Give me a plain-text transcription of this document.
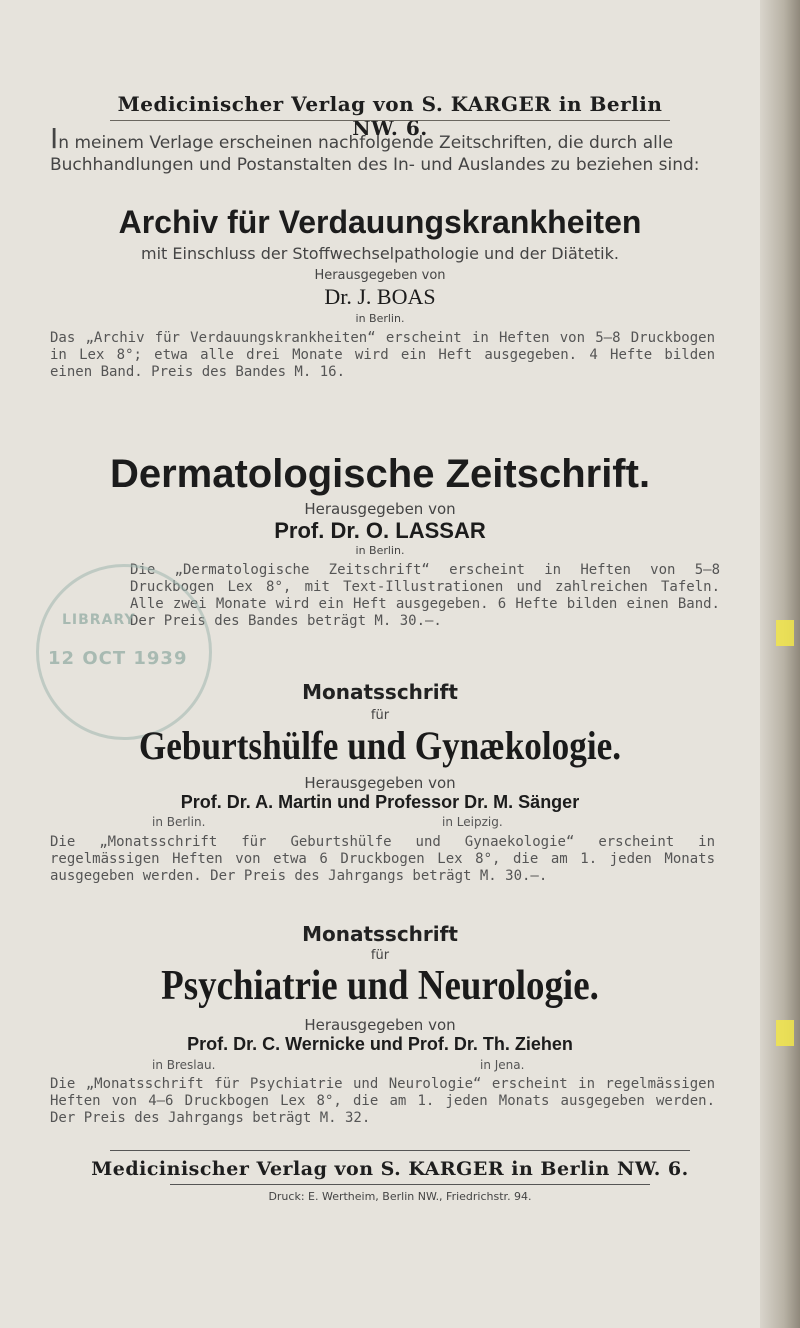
Medicinischer Verlag von S. KARGER in Berlin NW. 6.
In meinem Verlage erscheinen nachfolgende Zeitschriften, die durch alle Buchhandlungen und Postanstalten des In- und Auslandes zu beziehen sind:
Archiv für Verdauungskrankheiten
mit Einschluss der Stoffwechselpathologie und der Diätetik.
Herausgegeben von
Dr. J. BOAS
in Berlin.
Das „Archiv für Verdauungskrankheiten“ erscheint in Heften von 5—8 Druckbogen in Lex 8°; etwa alle drei Monate wird ein Heft ausgegeben. 4 Hefte bilden einen Band. Preis des Bandes M. 16.
Dermatologische Zeitschrift.
Herausgegeben von
Prof. Dr. O. LASSAR
in Berlin.
Die „Dermatologische Zeitschrift“ erscheint in Heften von 5—8 Druckbogen Lex 8°, mit Text-Illustrationen und zahlreichen Tafeln. Alle zwei Monate wird ein Heft ausgegeben. 6 Hefte bilden einen Band. Der Preis des Bandes beträgt M. 30.—.
LIBRARY
12 OCT 1939
Monatsschrift
für
Geburtshülfe und Gynækologie.
Herausgegeben von
Prof. Dr. A. Martin und Professor Dr. M. Sänger
in Berlin.	in Leipzig.
Die „Monatsschrift für Geburtshülfe und Gynaekologie“ erscheint in regelmässigen Heften von etwa 6 Druckbogen Lex 8°, die am 1. jeden Monats ausgegeben werden. Der Preis des Jahrgangs beträgt M. 30.—.
Monatsschrift
für
Psychiatrie und Neurologie.
Herausgegeben von
Prof. Dr. C. Wernicke und Prof. Dr. Th. Ziehen
in Breslau.	in Jena.
Die „Monatsschrift für Psychiatrie und Neurologie“ erscheint in regelmässigen Heften von 4—6 Druckbogen Lex 8°, die am 1. jeden Monats ausgegeben werden. Der Preis des Jahrgangs beträgt M. 32.
Medicinischer Verlag von S. KARGER in Berlin NW. 6.
Druck: E. Wertheim, Berlin NW., Friedrichstr. 94.
